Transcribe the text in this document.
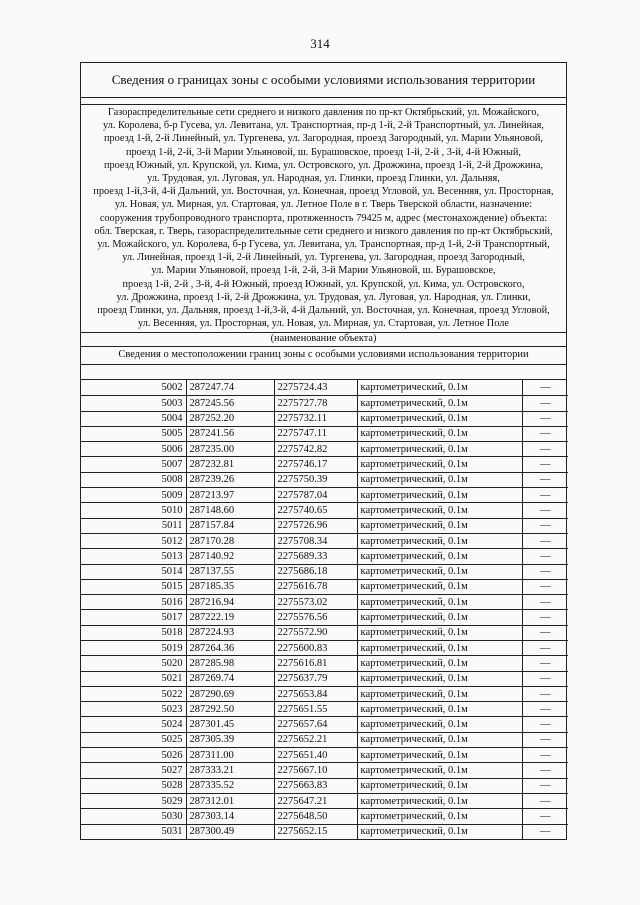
314
Сведения о границах зоны с особыми условиями использования территории
Газораспределительные сети среднего и низкого давления по пр-кт Октябрьский, ул. Можайского,
ул. Королева, б-р Гусева, ул. Левитана, ул. Транспортная, пр-д 1-й, 2-й Транспортный, ул. Линейная,
проезд 1-й, 2-й Линейный, ул. Тургенева, ул. Загородная, проезд Загородный, ул. Марии Ульяновой,
проезд 1-й, 2-й, 3-й Марии Ульяновой, ш. Бурашовское, проезд 1-й, 2-й , 3-й, 4-й Южный,
проезд Южный, ул. Крупской, ул. Кима, ул. Островского, ул. Дрожжина, проезд 1-й, 2-й Дрожжина,
ул. Трудовая, ул. Луговая, ул. Народная, ул. Глинки, проезд Глинки, ул. Дальняя,
проезд 1-й,3-й, 4-й Дальний, ул. Восточная, ул. Конечная, проезд Угловой, ул. Весенняя, ул. Просторная,
ул. Новая, ул. Мирная, ул. Стартовая, ул. Летное Поле в г. Тверь Тверской области, назначение:
сооружения трубопроводного транспорта, протяженность 79425 м, адрес (местонахождение) объекта:
обл. Тверская, г. Тверь, газораспределительные сети среднего и низкого давления по пр-кт Октябрьский,
ул. Можайского, ул. Королева, б-р Гусева, ул. Левитана, ул. Транспортная, пр-д 1-й, 2-й Транспортный,
ул. Линейная, проезд 1-й, 2-й Линейный, ул. Тургенева, ул. Загородная, проезд Загородный,
ул. Марии Ульяновой, проезд 1-й, 2-й, 3-й Марии Ульяновой, ш. Бурашовское,
проезд 1-й, 2-й , 3-й, 4-й Южный, проезд Южный, ул. Крупской, ул. Кима, ул. Островского,
ул. Дрожжина, проезд 1-й, 2-й Дрожжина, ул. Трудовая, ул. Луговая, ул. Народная, ул. Глинки,
проезд Глинки, ул. Дальняя, проезд 1-й,3-й, 4-й Дальний, ул. Восточная, ул. Конечная, проезд Угловой,
ул. Весенняя, ул. Просторная, ул. Новая, ул. Мирная, ул. Стартовая, ул. Летное Поле
(наименование объекта)
Сведения о местоположении границ зоны с особыми условиями использования территории
5002	287247.74	2275724.43	картометрический, 0.1м	—
5003	287245.56	2275727.78	картометрический, 0.1м	—
5004	287252.20	2275732.11	картометрический, 0.1м	—
5005	287241.56	2275747.11	картометрический, 0.1м	—
5006	287235.00	2275742.82	картометрический, 0.1м	—
5007	287232.81	2275746.17	картометрический, 0.1м	—
5008	287239.26	2275750.39	картометрический, 0.1м	—
5009	287213.97	2275787.04	картометрический, 0.1м	—
5010	287148.60	2275740.65	картометрический, 0.1м	—
5011	287157.84	2275726.96	картометрический, 0.1м	—
5012	287170.28	2275708.34	картометрический, 0.1м	—
5013	287140.92	2275689.33	картометрический, 0.1м	—
5014	287137.55	2275686.18	картометрический, 0.1м	—
5015	287185.35	2275616.78	картометрический, 0.1м	—
5016	287216.94	2275573.02	картометрический, 0.1м	—
5017	287222.19	2275576.56	картометрический, 0.1м	—
5018	287224.93	2275572.90	картометрический, 0.1м	—
5019	287264.36	2275600.83	картометрический, 0.1м	—
5020	287285.98	2275616.81	картометрический, 0.1м	—
5021	287269.74	2275637.79	картометрический, 0.1м	—
5022	287290.69	2275653.84	картометрический, 0.1м	—
5023	287292.50	2275651.55	картометрический, 0.1м	—
5024	287301.45	2275657.64	картометрический, 0.1м	—
5025	287305.39	2275652.21	картометрический, 0.1м	—
5026	287311.00	2275651.40	картометрический, 0.1м	—
5027	287333.21	2275667.10	картометрический, 0.1м	—
5028	287335.52	2275663.83	картометрический, 0.1м	—
5029	287312.01	2275647.21	картометрический, 0.1м	—
5030	287303.14	2275648.50	картометрический, 0.1м	—
5031	287300.49	2275652.15	картометрический, 0.1м	—
